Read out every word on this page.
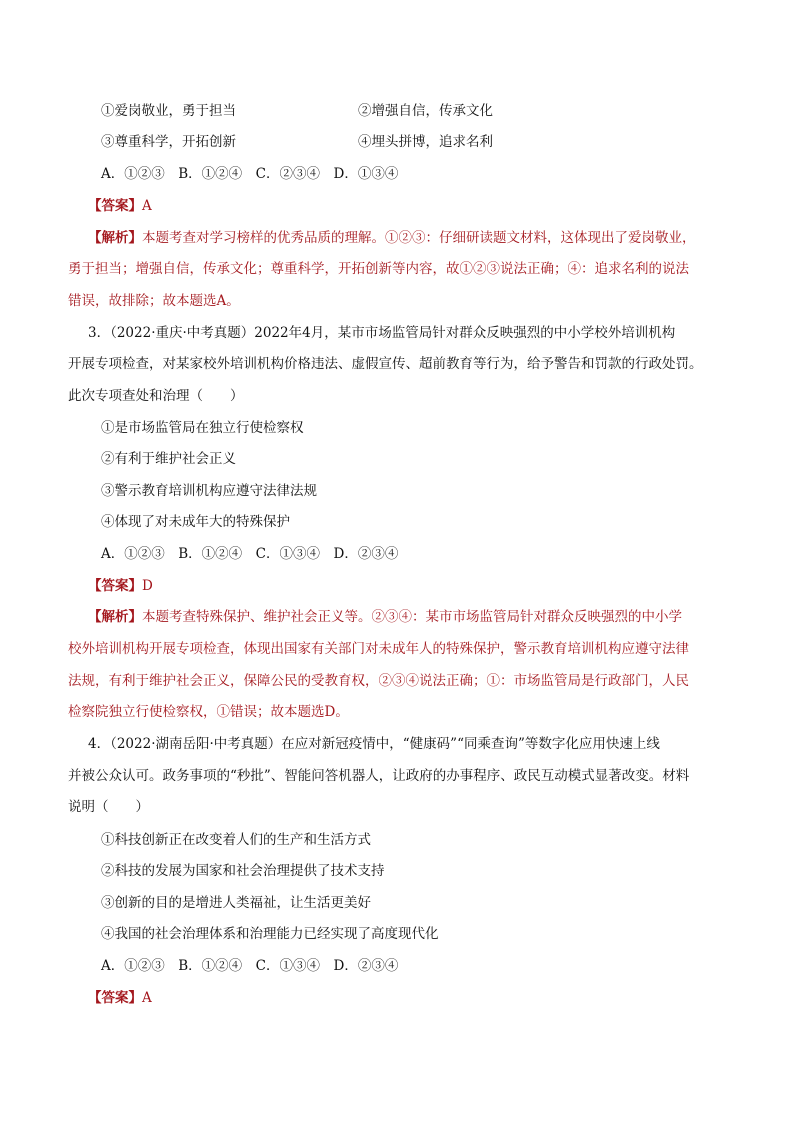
①爱岗敬业，勇于担当	②增强自信，传承文化
③尊重科学，开拓创新	④埋头拼博，追求名利
A．①②③　B．①②④　C．②③④　D．①③④
【答案】A
【解析】本题考查对学习榜样的优秀品质的理解。①②③：仔细研读题文材料，这体现出了爱岗敬业，
勇于担当；增强自信，传承文化；尊重科学，开拓创新等内容，故①②③说法正确；④：追求名利的说法
错误，故排除；故本题选A。
3．（2022·重庆·中考真题）2022年4月，某市市场监管局针对群众反映强烈的中小学校外培训机构
开展专项检查，对某家校外培训机构价格违法、虚假宣传、超前教育等行为，给予警告和罚款的行政处罚。
此次专项查处和治理（　　）
①是市场监管局在独立行使检察权
②有利于维护社会正义
③警示教育培训机构应遵守法律法规
④体现了对未成年大的特殊保护
A．①②③　B．①②④　C．①③④　D．②③④
【答案】D
【解析】本题考查特殊保护、维护社会正义等。②③④：某市市场监管局针对群众反映强烈的中小学
校外培训机构开展专项检查，体现出国家有关部门对未成年人的特殊保护，警示教育培训机构应遵守法律
法规，有利于维护社会正义，保障公民的受教育权，②③④说法正确；①：市场监管局是行政部门，人民
检察院独立行使检察权，①错误；故本题选D。
4．（2022·湖南岳阳·中考真题）在应对新冠疫情中，“健康码”“同乘查询”等数字化应用快速上线
并被公众认可。政务事项的“秒批”、智能问答机器人，让政府的办事程序、政民互动模式显著改变。材料
说明（　　）
①科技创新正在改变着人们的生产和生活方式
②科技的发展为国家和社会治理提供了技术支持
③创新的目的是增进人类福祉，让生活更美好
④我国的社会治理体系和治理能力已经实现了高度现代化
A．①②③　B．①②④　C．①③④　D．②③④
【答案】A
